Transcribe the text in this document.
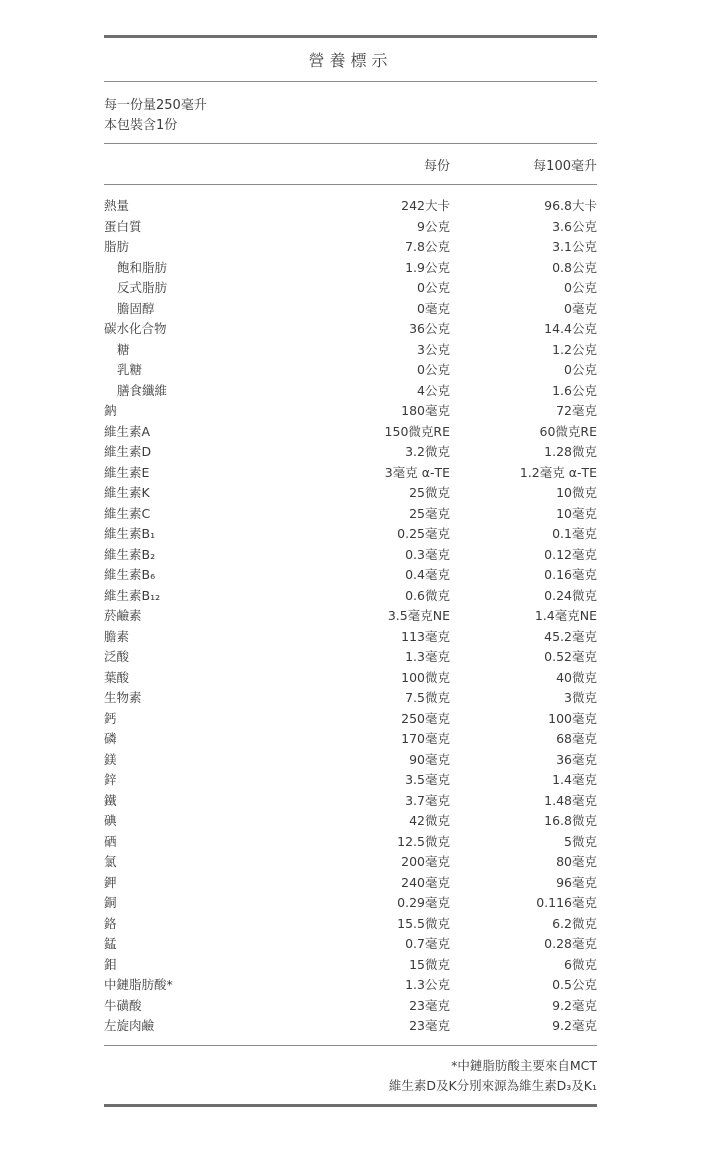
營養標示
每一份量250毫升
本包裝含1份
每份	每100毫升
熱量	242大卡	96.8大卡
蛋白質	9公克	3.6公克
脂肪	7.8公克	3.1公克
飽和脂肪	1.9公克	0.8公克
反式脂肪	0公克	0公克
膽固醇	0毫克	0毫克
碳水化合物	36公克	14.4公克
糖	3公克	1.2公克
乳糖	0公克	0公克
膳食纖維	4公克	1.6公克
鈉	180毫克	72毫克
維生素A	150微克RE	60微克RE
維生素D	3.2微克	1.28微克
維生素E	3毫克 α-TE	1.2毫克 α-TE
維生素K	25微克	10微克
維生素C	25毫克	10毫克
維生素B₁	0.25毫克	0.1毫克
維生素B₂	0.3毫克	0.12毫克
維生素B₆	0.4毫克	0.16毫克
維生素B₁₂	0.6微克	0.24微克
菸鹼素	3.5毫克NE	1.4毫克NE
膽素	113毫克	45.2毫克
泛酸	1.3毫克	0.52毫克
葉酸	100微克	40微克
生物素	7.5微克	3微克
鈣	250毫克	100毫克
磷	170毫克	68毫克
鎂	90毫克	36毫克
鋅	3.5毫克	1.4毫克
鐵	3.7毫克	1.48毫克
碘	42微克	16.8微克
硒	12.5微克	5微克
氯	200毫克	80毫克
鉀	240毫克	96毫克
銅	0.29毫克	0.116毫克
鉻	15.5微克	6.2微克
錳	0.7毫克	0.28毫克
鉬	15微克	6微克
中鏈脂肪酸*	1.3公克	0.5公克
牛磺酸	23毫克	9.2毫克
左旋肉鹼	23毫克	9.2毫克
*中鏈脂肪酸主要來自MCT
維生素D及K分別來源為維生素D₃及K₁
